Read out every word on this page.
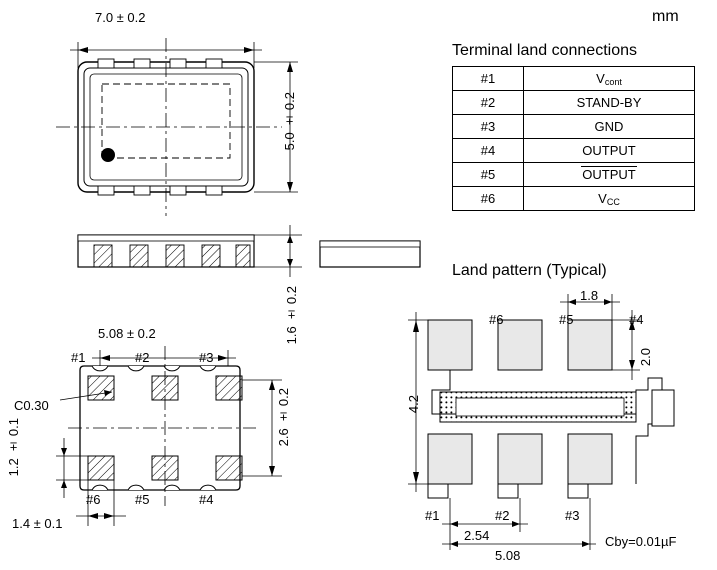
mm
7.0 ± 0.2
5.0 ± 0.2
1.6 ± 0.2
5.08 ± 0.2
2.6 ± 0.2
1.2 ± 0.1
1.4 ± 0.1
C0.30
#1	#2	#3
#6	#5	#4
Terminal land connections
#1	$V_{cont}$
#2	STAND-BY
#3	GND
#4	OUTPUT
#5	OUTPUT
#6	$V_{CC}$
Land pattern (Typical)
1.8
2.0
4.2
2.54
5.08
Cby=0.01µF
#6	#5	#4
#1	#2	#3
